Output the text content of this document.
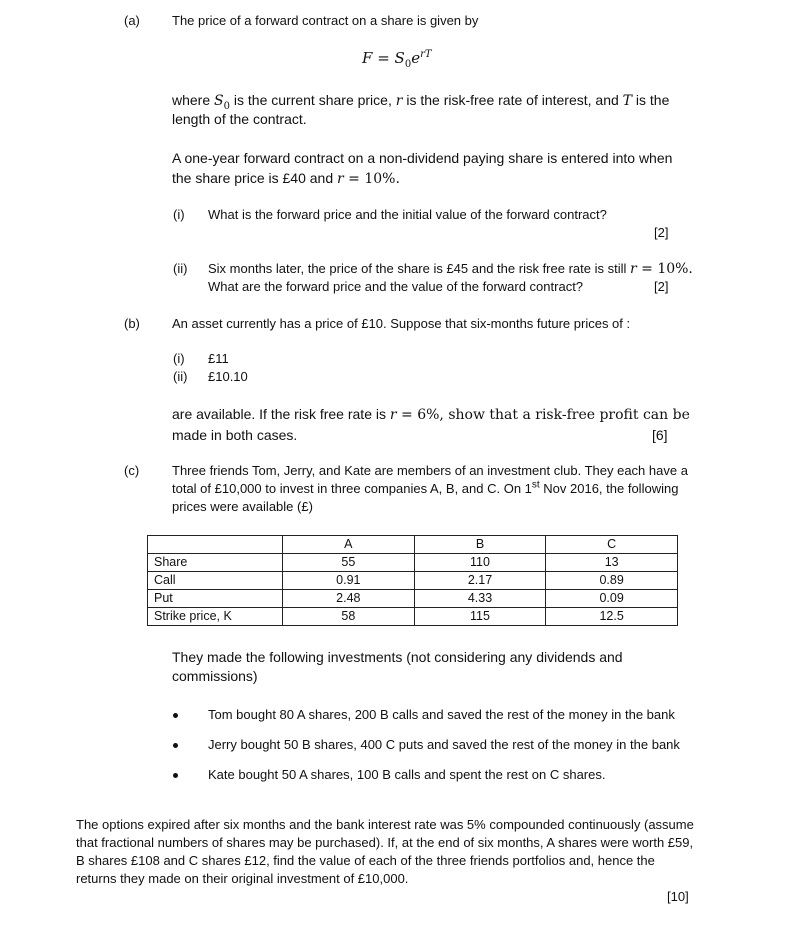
(a) The price of a forward contract on a share is given by
$F = S_0e^{rT}$
where $S_0$ is the current share price, r is the risk-free rate of interest, and T is the
length of the contract.
A one-year forward contract on a non-dividend paying share is entered into when
the share price is £40 and r = 10%.
(i) What is the forward price and the initial value of the forward contract?
[2]
(ii) Six months later, the price of the share is £45 and the risk free rate is still r = 10%.
What are the forward price and the value of the forward contract?	[2]
(b) An asset currently has a price of £10. Suppose that six-months future prices of :
(i) £11
(ii) £10.10
are available. If the risk free rate is r = 6%, show that a risk-free profit can be
made in both cases.	[6]
(c)	Three friends Tom, Jerry, and Kate are members of an investment club. They each have a
total of £10,000 to invest in three companies A, B, and C. On 1st Nov 2016, the following
prices were available (£)
	A	B	C
Share	55	110	13
Call	0.91	2.17	0.89
Put	2.48	4.33	0.09
Strike price, K	58	115	12.5
They made the following investments (not considering any dividends and
commissions)
Tom bought 80 A shares, 200 B calls and saved the rest of the money in the bank
Jerry bought 50 B shares, 400 C puts and saved the rest of the money in the bank
Kate bought 50 A shares, 100 B calls and spent the rest on C shares.
The options expired after six months and the bank interest rate was 5% compounded continuously (assume
that fractional numbers of shares may be purchased). If, at the end of six months, A shares were worth £59,
B shares £108 and C shares £12, find the value of each of the three friends portfolios and, hence the
returns they made on their original investment of £10,000.
[10]
